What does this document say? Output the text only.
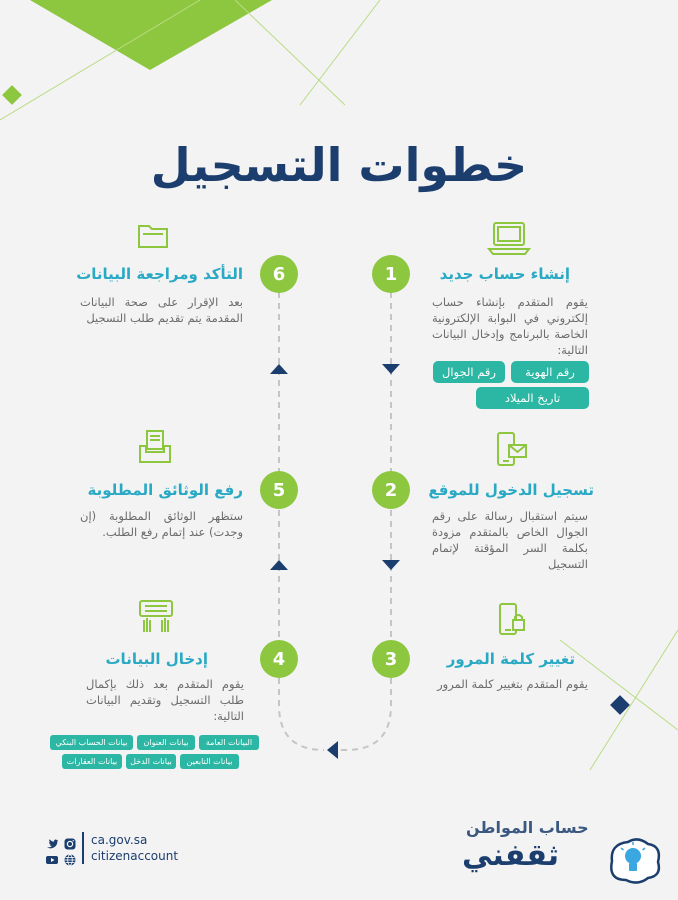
خطوات التسجيل
1
2
3
4
5
6	إنشاء حساب جديد
يقوم المتقدم بإنشاء حساب إلكتروني في البوابة الإلكترونية الخاصة بالبرنامج وإدخال البيانات التالية:
رقم الجوال	رقم الهوية
تاريخ الميلاد
تسجيل الدخول للموقع
سيتم استقبال رسالة على رقم الجوال الخاص بالمتقدم مزودة بكلمة السر المؤقتة لإتمام التسجيل
تغيير كلمة المرور
يقوم المتقدم بتغيير كلمة المرور
إدخال البيانات
يقوم المتقدم بعد ذلك بإكمال طلب التسجيل وتقديم البيانات التالية:
بيانات الحساب البنكي	بيانات العنوان	البيانات العامة
بيانات العقارات	بيانات الدخل	بيانات التابعين
رفع الوثائق المطلوبة
ستظهر الوثائق المطلوبة (إن وجدت) عند إتمام رفع الطلب.
التأكد ومراجعة البيانات
بعد الإقرار على صحة البيانات المقدمة يتم تقديم طلب التسجيل
ca.gov.sa
citizenaccount
حساب المواطن
ثقفني
